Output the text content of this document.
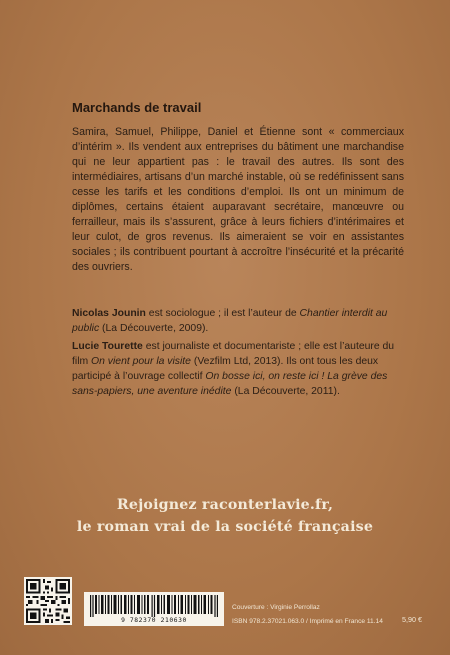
Marchands de travail
Samira, Samuel, Philippe, Daniel et Étienne sont « commerciaux d’intérim ». Ils vendent aux entreprises du bâtiment une marchandise qui ne leur appartient pas : le travail des autres. Ils sont des intermédiaires, artisans d’un marché instable, où se redéfinissent sans cesse les tarifs et les conditions d’emploi. Ils ont un minimum de diplômes, certains étaient auparavant secrétaire, manœuvre ou ferrailleur, mais ils s’assurent, grâce à leurs fichiers d’intérimaires et leur culot, de gros revenus. Ils aimeraient se voir en assistantes sociales ; ils contribuent pourtant à accroître l’insécurité et la précarité des ouvriers.

Nicolas Jounin est sociologue ; il est l’auteur de Chantier interdit au public (La Découverte, 2009).

Lucie Tourette est journaliste et documentariste ; elle est l’auteure du film On vient pour la visite (Vezfilm Ltd, 2013). Ils ont tous les deux participé à l’ouvrage collectif On bosse ici, on reste ici ! La grève des sans-papiers, une aventure inédite (La Découverte, 2011).

Rejoignez raconterlavie.fr,
le roman vrai de la société française
9 782370 210630
Couverture : Virginie Perrollaz
ISBN 978.2.37021.063.0 / Imprimé en France 11.14	5,90 €
